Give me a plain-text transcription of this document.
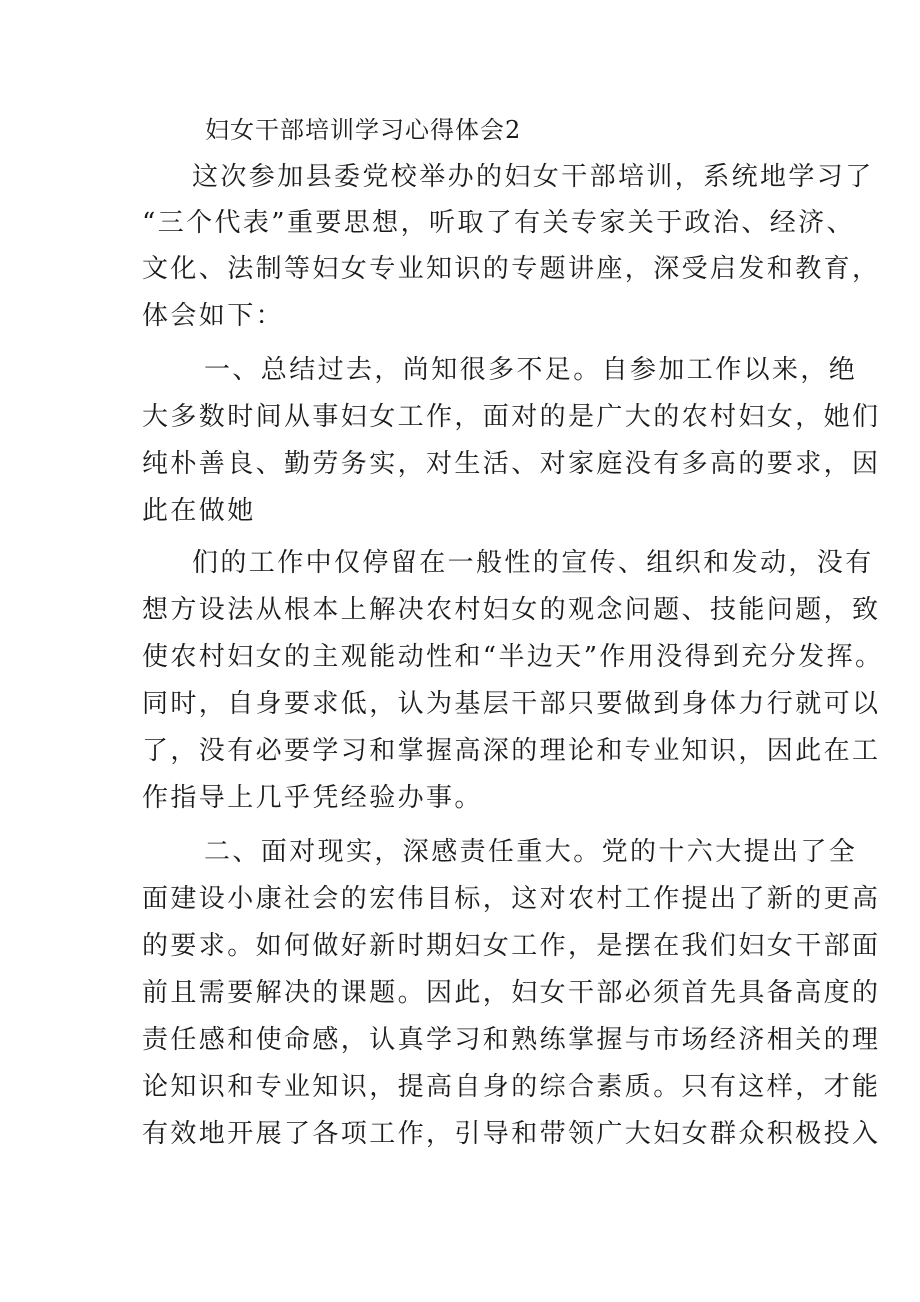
妇女干部培训学习心得体会2
这次参加县委党校举办的妇女干部培训，系统地学习了
“三个代表”重要思想，听取了有关专家关于政治、经济、
文化、法制等妇女专业知识的专题讲座，深受启发和教育，
体会如下：
一、总结过去，尚知很多不足。自参加工作以来，绝
大多数时间从事妇女工作，面对的是广大的农村妇女，她们
纯朴善良、勤劳务实，对生活、对家庭没有多高的要求，因
此在做她
们的工作中仅停留在一般性的宣传、组织和发动，没有
想方设法从根本上解决农村妇女的观念问题、技能问题，致
使农村妇女的主观能动性和“半边天”作用没得到充分发挥。
同时，自身要求低，认为基层干部只要做到身体力行就可以
了，没有必要学习和掌握高深的理论和专业知识，因此在工
作指导上几乎凭经验办事。
二、面对现实，深感责任重大。党的十六大提出了全
面建设小康社会的宏伟目标，这对农村工作提出了新的更高
的要求。如何做好新时期妇女工作，是摆在我们妇女干部面
前且需要解决的课题。因此，妇女干部必须首先具备高度的
责任感和使命感，认真学习和熟练掌握与市场经济相关的理
论知识和专业知识，提高自身的综合素质。只有这样，才能
有效地开展了各项工作，引导和带领广大妇女群众积极投入
